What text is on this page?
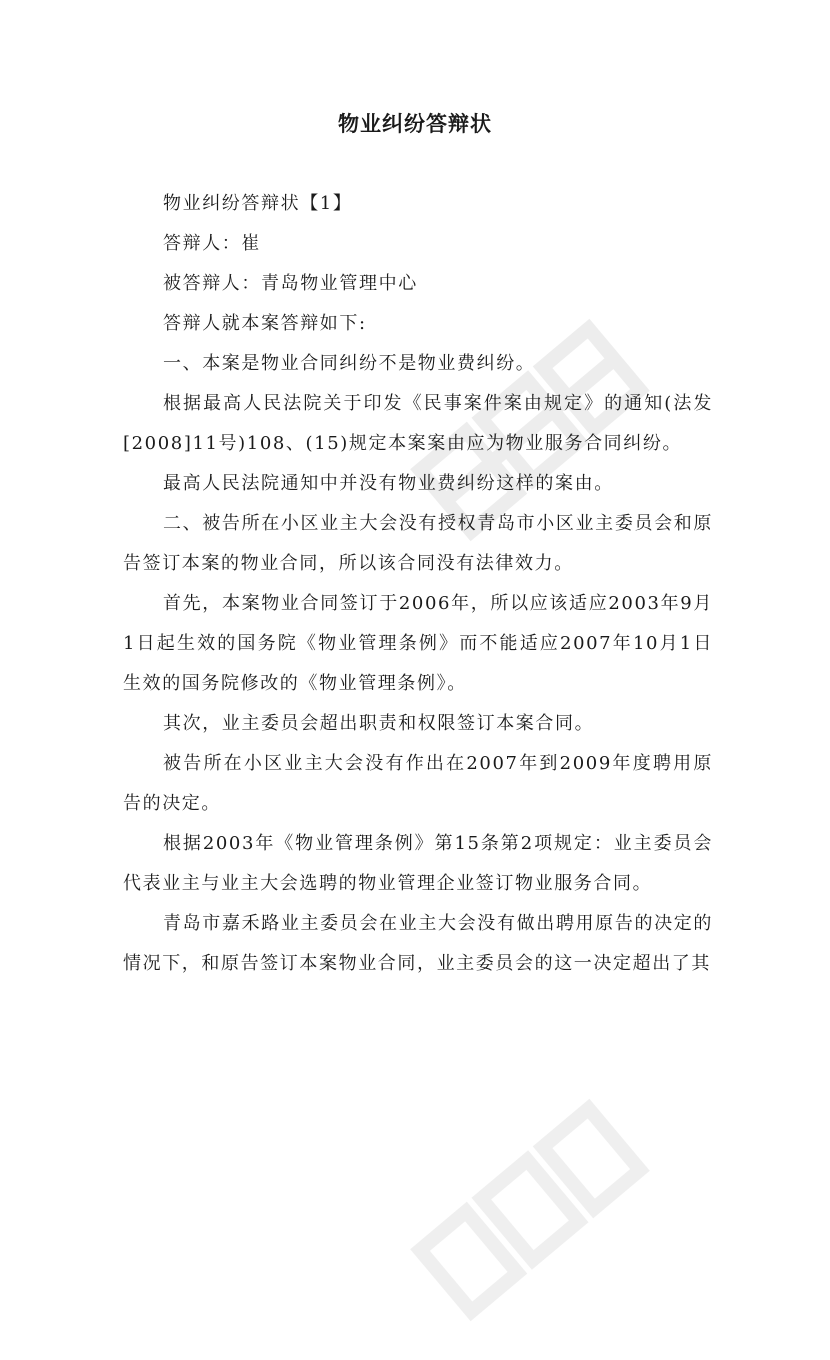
物业纠纷答辩状

物业纠纷答辩状【1】

答辩人：崔

被答辩人：青岛物业管理中心

答辩人就本案答辩如下:

一、本案是物业合同纠纷不是物业费纠纷。

根据最高人民法院关于印发《民事案件案由规定》的通知(法发[2008]11号)108、(15)规定本案案由应为物业服务合同纠纷。

最高人民法院通知中并没有物业费纠纷这样的案由。

二、被告所在小区业主大会没有授权青岛市小区业主委员会和原告签订本案的物业合同，所以该合同没有法律效力。

首先，本案物业合同签订于2006年，所以应该适应2003年9月1日起生效的国务院《物业管理条例》而不能适应2007年10月1日生效的国务院修改的《物业管理条例》。

其次，业主委员会超出职责和权限签订本案合同。

被告所在小区业主大会没有作出在2007年到2009年度聘用原告的决定。

根据2003年《物业管理条例》第15条第2项规定：业主委员会代表业主与业主大会选聘的物业管理企业签订物业服务合同。

青岛市嘉禾路业主委员会在业主大会没有做出聘用原告的决定的情况下，和原告签订本案物业合同，业主委员会的这一决定超出了其
